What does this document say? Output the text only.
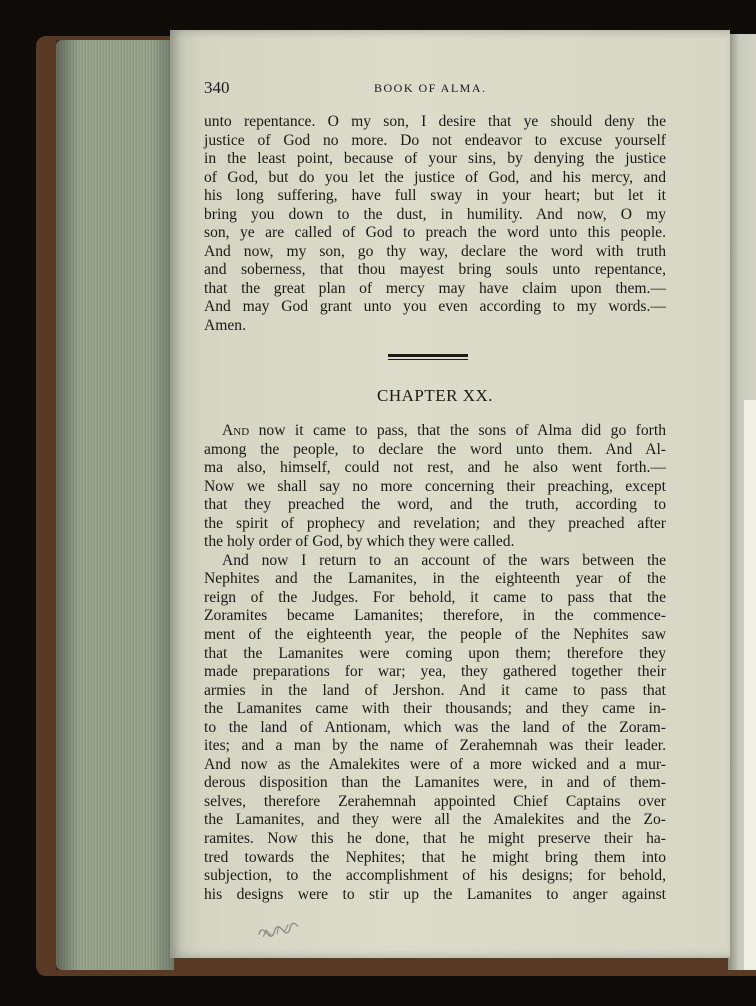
340	BOOK OF ALMA.
unto repentance. O my son, I desire that ye should deny the
justice of God no more. Do not endeavor to excuse yourself
in the least point, because of your sins, by denying the justice
of God, but do you let the justice of God, and his mercy, and
his long suffering, have full sway in your heart; but let it
bring you down to the dust, in humility. And now, O my
son, ye are called of God to preach the word unto this people.
And now, my son, go thy way, declare the word with truth
and soberness, that thou mayest bring souls unto repentance,
that the great plan of mercy may have claim upon them.—
And may God grant unto you even according to my words.—
Amen.
CHAPTER XX.
And now it came to pass, that the sons of Alma did go forth
among the people, to declare the word unto them. And Al-
ma also, himself, could not rest, and he also went forth.—
Now we shall say no more concerning their preaching, except
that they preached the word, and the truth, according to
the spirit of prophecy and revelation; and they preached after
the holy order of God, by which they were called.
And now I return to an account of the wars between the
Nephites and the Lamanites, in the eighteenth year of the
reign of the Judges. For behold, it came to pass that the
Zoramites became Lamanites; therefore, in the commence-
ment of the eighteenth year, the people of the Nephites saw
that the Lamanites were coming upon them; therefore they
made preparations for war; yea, they gathered together their
armies in the land of Jershon. And it came to pass that
the Lamanites came with their thousands; and they came in-
to the land of Antionam, which was the land of the Zoram-
ites; and a man by the name of Zerahemnah was their leader.
And now as the Amalekites were of a more wicked and a mur-
derous disposition than the Lamanites were, in and of them-
selves, therefore Zerahemnah appointed Chief Captains over
the Lamanites, and they were all the Amalekites and the Zo-
ramites. Now this he done, that he might preserve their ha-
tred towards the Nephites; that he might bring them into
subjection, to the accomplishment of his designs; for behold,
his designs were to stir up the Lamanites to anger against
